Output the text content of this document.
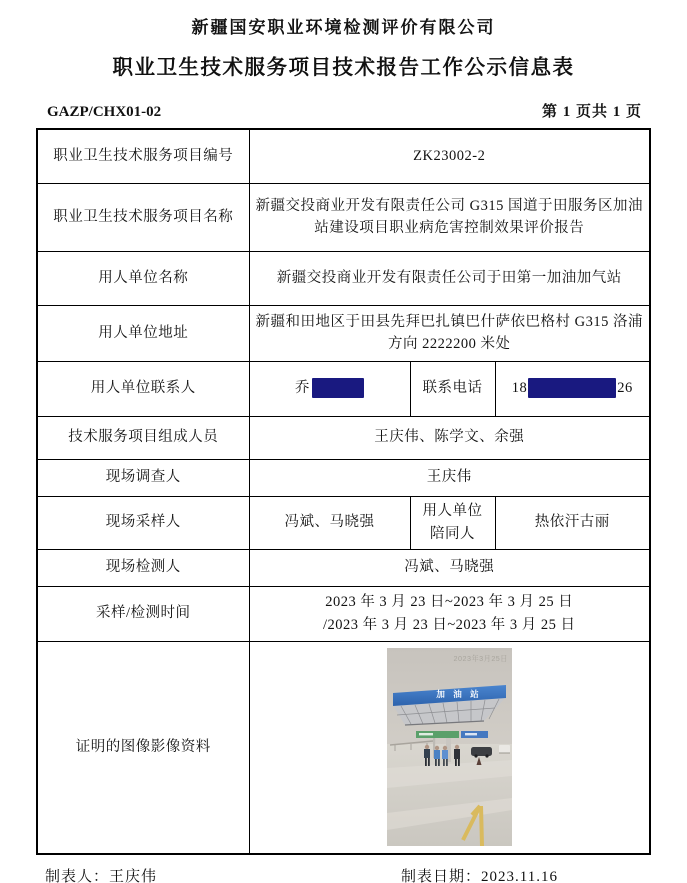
新疆国安职业环境检测评价有限公司
职业卫生技术服务项目技术报告工作公示信息表
GAZP/CHX01-02	第 1 页共 1 页
职业卫生技术服务项目编号	ZK23002-2		
职业卫生技术服务项目名称	新疆交投商业开发有限责任公司 G315 国道于田服务区加油站建设项目职业病危害控制效果评价报告		
用人单位名称	新疆交投商业开发有限责任公司于田第一加油加气站		
用人单位地址	新疆和田地区于田县先拜巴扎镇巴什萨依巴格村 G315 洛浦方向 2222200 米处		
用人单位联系人	乔	联系电话	18 26
技术服务项目组成人员	王庆伟、陈学文、余强		
现场调查人	王庆伟		
现场采样人	冯斌、马晓强	用人单位陪同人	热依汗古丽
现场检测人	冯斌、马晓强		
采样/检测时间	2023 年 3 月 23 日~2023 年 3 月 25 日
/2023 年 3 月 23 日~2023 年 3 月 25 日		

证明的图像影像资料	加 油 站
2023年3月25日		
制表人：王庆伟	制表日期：2023.11.16
